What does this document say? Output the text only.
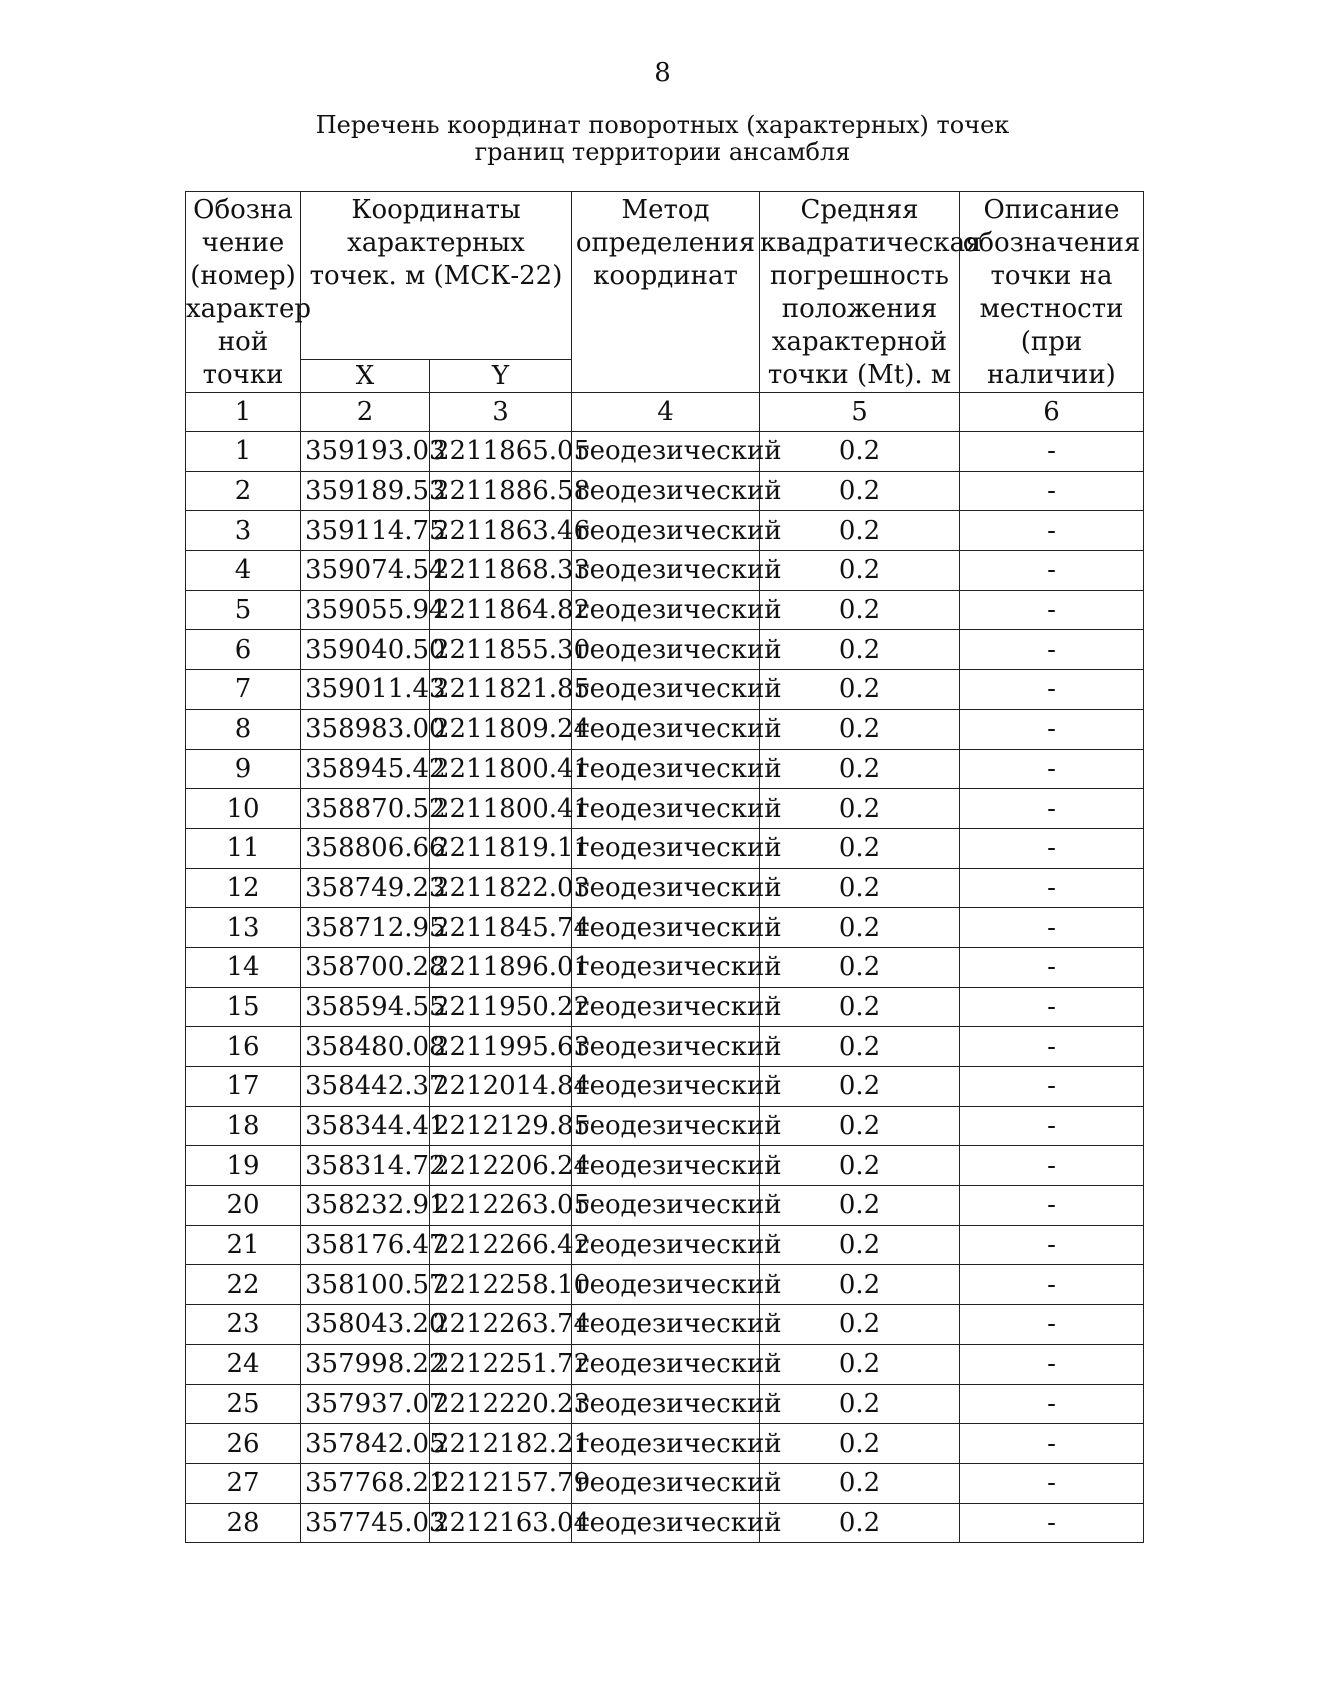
8
Перечень координат поворотных (характерных) точек
границ территории ансамбля
Обозна чение (номер) характер ной точки	Координаты характерных точек. м (МСК-22)		Метод определения координат	Средняя квадратическая погрешность положения характерной точки (Mt). м	Описание обозначения точки на местности (при наличии)
	X	Y			
1	2	3	4	5	6
1	359193.03	2211865.05	геодезический	0.2	-
2	359189.53	2211886.58	геодезический	0.2	-
3	359114.75	2211863.46	геодезический	0.2	-
4	359074.54	2211868.33	геодезический	0.2	-
5	359055.94	2211864.82	геодезический	0.2	-
6	359040.50	2211855.30	геодезический	0.2	-
7	359011.43	2211821.85	геодезический	0.2	-
8	358983.00	2211809.24	геодезический	0.2	-
9	358945.42	2211800.41	геодезический	0.2	-
10	358870.52	2211800.41	геодезический	0.2	-
11	358806.66	2211819.11	геодезический	0.2	-
12	358749.23	2211822.03	геодезический	0.2	-
13	358712.95	2211845.74	геодезический	0.2	-
14	358700.28	2211896.01	геодезический	0.2	-
15	358594.55	2211950.22	геодезический	0.2	-
16	358480.08	2211995.63	геодезический	0.2	-
17	358442.37	2212014.84	геодезический	0.2	-
18	358344.41	2212129.85	геодезический	0.2	-
19	358314.72	2212206.24	геодезический	0.2	-
20	358232.91	2212263.05	геодезический	0.2	-
21	358176.47	2212266.42	геодезический	0.2	-
22	358100.57	2212258.10	геодезический	0.2	-
23	358043.20	2212263.74	геодезический	0.2	-
24	357998.22	2212251.72	геодезический	0.2	-
25	357937.07	2212220.23	геодезический	0.2	-
26	357842.05	2212182.21	геодезический	0.2	-
27	357768.21	2212157.79	геодезический	0.2	-
28	357745.03	2212163.04	геодезический	0.2	-
